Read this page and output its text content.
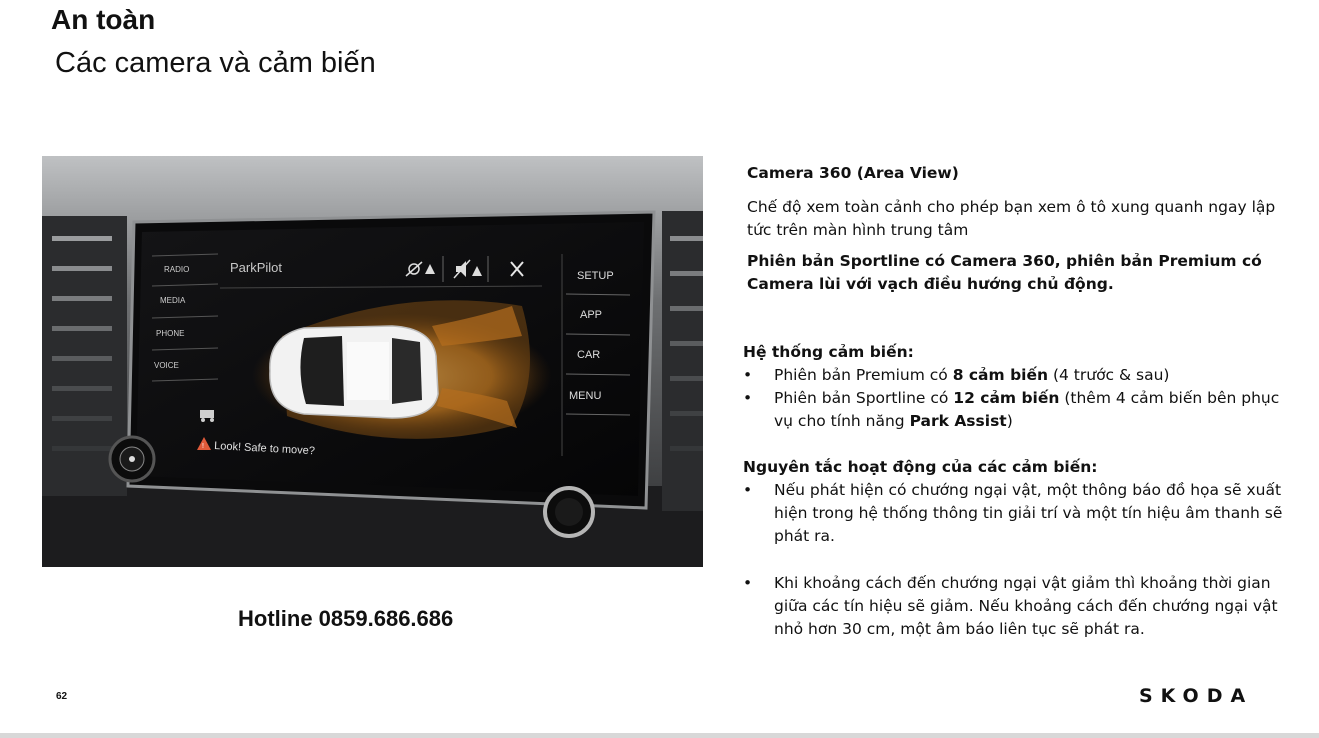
An toàn
Các camera và cảm biến
RADIO
MEDIA
PHONE
VOICE
ParkPilot
SETUP
APP
CAR
MENU
! Look! Safe to move?
Hotline 0859.686.686
Camera 360 (Area View)
Chế độ xem toàn cảnh cho phép bạn xem ô tô xung quanh ngay lập tức trên màn hình trung tâm
Phiên bản Sportline có Camera 360, phiên bản Premium có Camera lùi với vạch điều hướng chủ động.
Hệ thống cảm biến:
• Phiên bản Premium có 8 cảm biến (4 trước & sau)
• Phiên bản Sportline có 12 cảm biến (thêm 4 cảm biến bên phục vụ cho tính năng Park Assist)
Nguyên tắc hoạt động của các cảm biến:
• Nếu phát hiện có chướng ngại vật, một thông báo đồ họa sẽ xuất hiện trong hệ thống thông tin giải trí và một tín hiệu âm thanh sẽ phát ra.
• Khi khoảng cách đến chướng ngại vật giảm thì khoảng thời gian giữa các tín hiệu sẽ giảm. Nếu khoảng cách đến chướng ngại vật nhỏ hơn 30 cm, một âm báo liên tục sẽ phát ra.
62	SKODA
